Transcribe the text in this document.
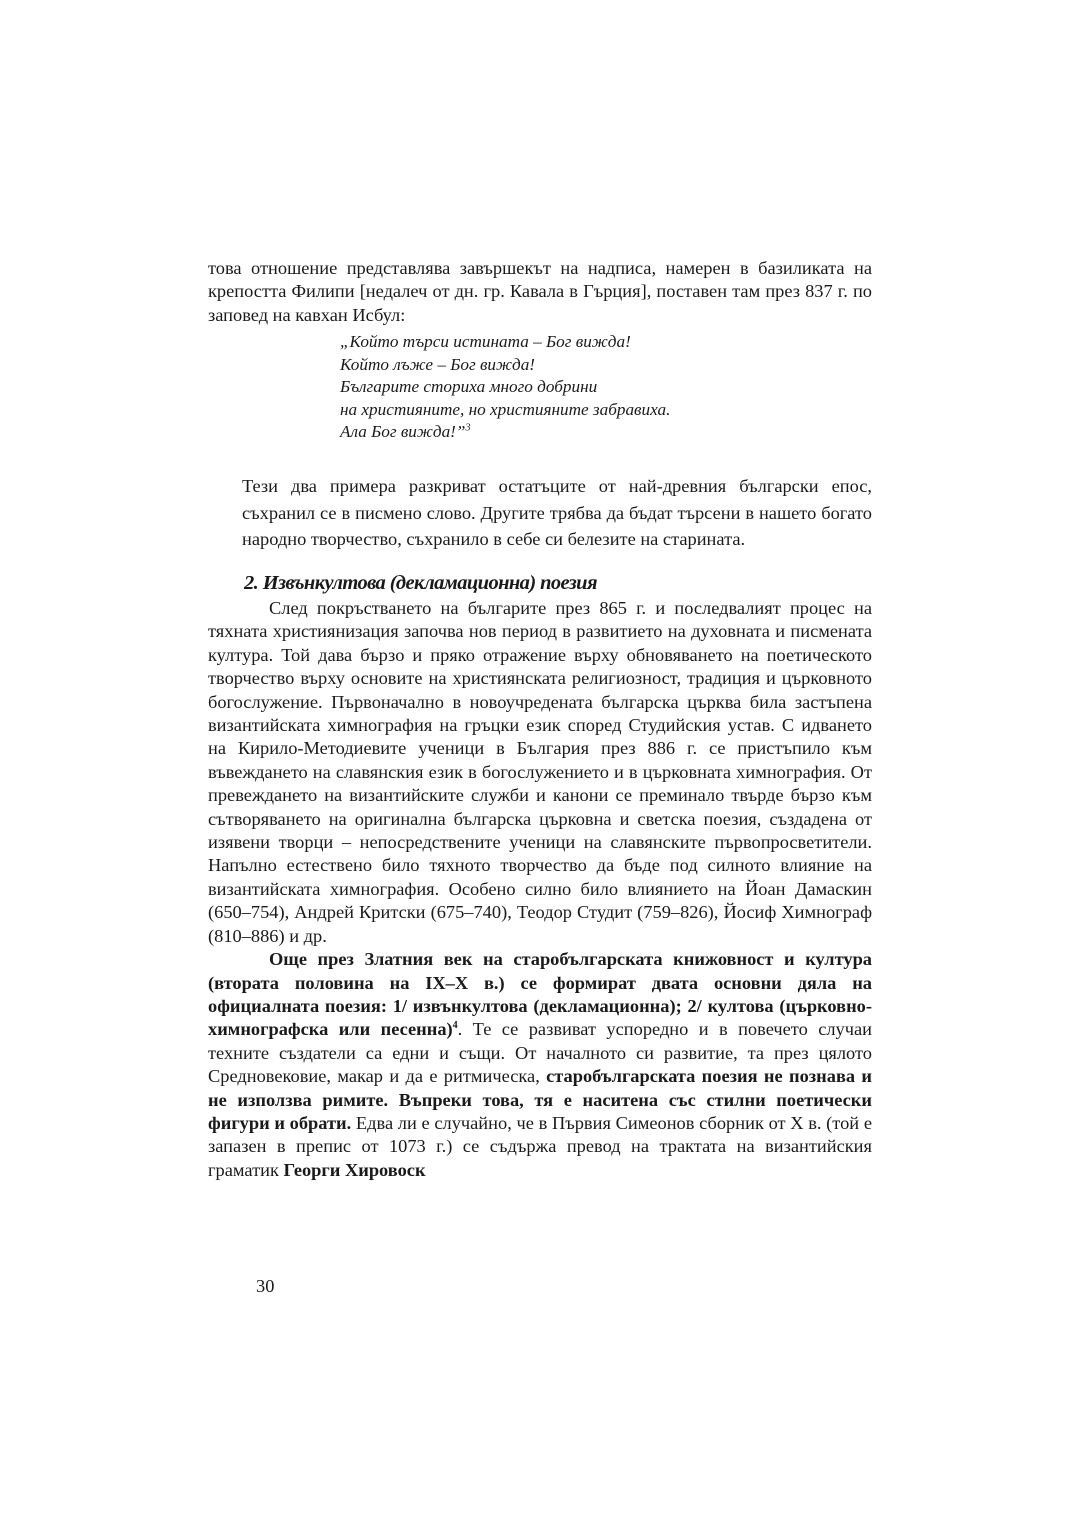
това отношение представлява завършекът на надписа, намерен в базиликата на крепостта Филипи [недалеч от дн. гр. Кавала в Гърция], поставен там през 837 г. по заповед на кавхан Исбул:

„Който търси истината – Бог вижда!
Който лъже – Бог вижда!
Българите сториха много добрини
на християните, но християните забравиха.
Ала Бог вижда!”$^3$

Тези два примера разкриват остатъците от най-древния български епос, съхранил се в писмено слово. Другите трябва да бъдат търсени в нашето богато народно творчество, съхранило в себе си белезите на старината.

2. Извънкултова (декламационна) поезия

След покръстването на българите през 865 г. и последвалият процес на тяхната християнизация започва нов период в развитието на духовната и писмената култура. Той дава бързо и пряко отражение върху обновяването на поетическото творчество върху основите на християнската религиозност, традиция и църковното богослужение. Първоначално в новоучредената българска църква била застъпена византийската химнография на гръцки език според Студийския устав. С идването на Кирило-Методиевите ученици в България през 886 г. се пристъпило към въвеждането на славянския език в богослужението и в църковната химнография. От превеждането на византийските служби и канони се преминало твърде бързо към сътворяването на оригинална българска църковна и светска поезия, създадена от изявени творци – непосредствените ученици на славянските първопросветители. Напълно естествено било тяхното творчество да бъде под силното влияние на византийската химнография. Особено силно било влиянието на Йоан Дамаскин (650–754), Андрей Критски (675–740), Теодор Студит (759–826), Йосиф Химнограф (810–886) и др.

Още през Златния век на старобългарската книжовност и култура (втората половина на IX–X в.) се формират двата основни дяла на официалната поезия: 1/ извънкултова (декламационна); 2/ култова (църковно-химнографска или песенна)$^4$. Те се развиват успоредно и в повечето случаи техните създатели са едни и същи. От началното си развитие, та през цялото Средновековие, макар и да е ритмическа, старобългарската поезия не познава и не използва римите. Въпреки това, тя е наситена със стилни поетически фигури и обрати. Едва ли е случайно, че в Първия Симеонов сборник от X в. (той е запазен в препис от 1073 г.) се съдържа превод на трактата на византийския граматик Георги Хировоск

30
